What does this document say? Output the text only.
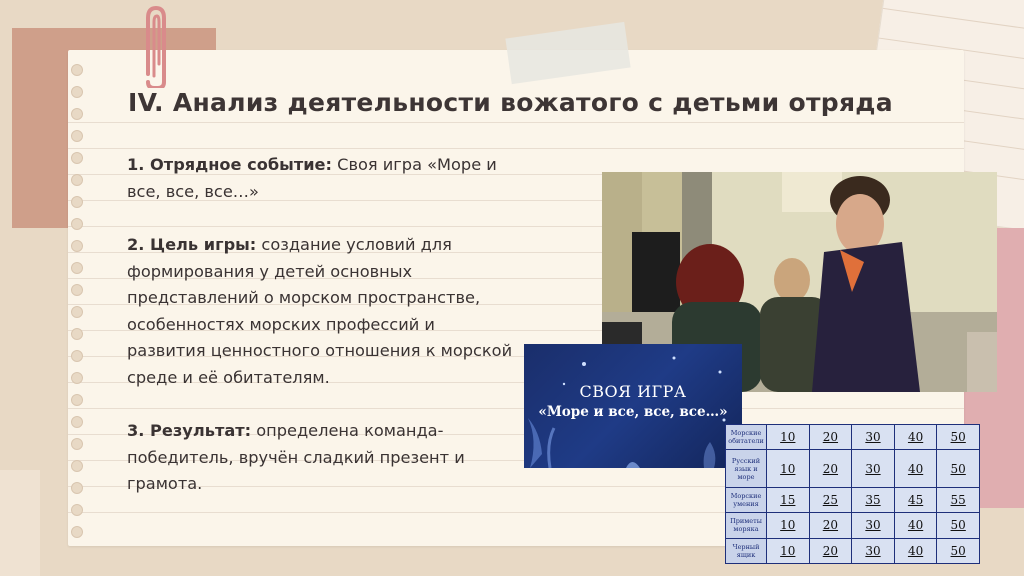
IV. Анализ деятельности вожатого с детьми отряда

1. Отрядное событие: Своя игра «Море и все, все, все…»

2. Цель игры: создание условий для формирования у детей основных представлений о морском пространстве, особенностях морских профессий и развития ценностного отношения к морской среде и её обитателям.

3. Результат: определена команда-победитель, вручён сладкий презент и грамота.

СВОЯ ИГРА
«Море и все, все, все…»
Морские обитатели	10	20	30	40	50
Русский язык и море	10	20	30	40	50
Морские умения	15	25	35	45	55
Приметы моряка	10	20	30	40	50
Черный ящик	10	20	30	40	50
